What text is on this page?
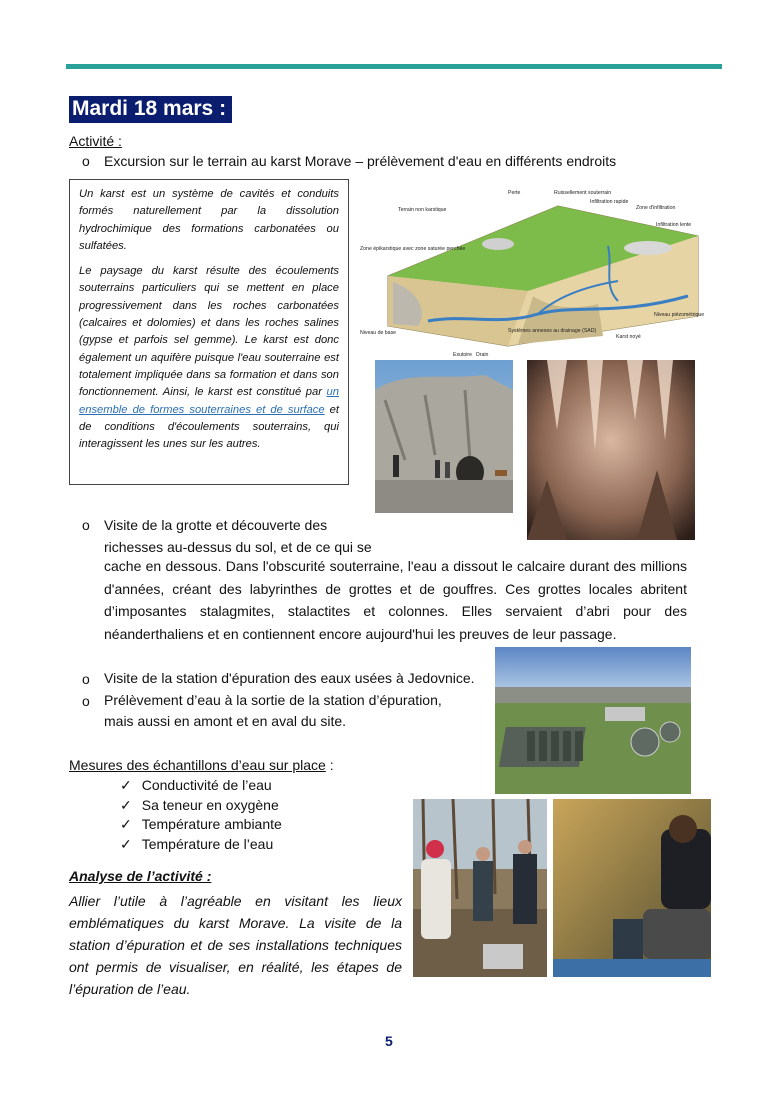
Mardi 18 mars :
Activité :
o Excursion sur le terrain au karst Morave – prélèvement d'eau en différents endroits

Un karst est un système de cavités et conduits formés naturellement par la dissolution hydrochimique des formations carbonatées ou sulfatées.

Le paysage du karst résulte des écoulements souterrains particuliers qui se mettent en place progressivement dans les roches carbonatées (calcaires et dolomies) et dans les roches salines (gypse et parfois sel gemme). Le karst est donc également un aquifère puisque l'eau souterraine est totalement impliquée dans sa formation et dans son fonctionnement. Ainsi, le karst est constitué par un ensemble de formes souterraines et de surface et de conditions d'écoulements souterrains, qui interagissent les unes sur les autres.

Perte	Ruissellement souterrain
Infiltration rapide
Zone d'infiltration
Terrain non karstique
Infiltration lente
Zone épikarstique avec zone saturée perchée
Niveau piézométrique
Niveau de base	Systèmes annexes au drainage (SAD)
Karst noyé
Exutoire Drain
o Visite de la grotte et découverte des
richesses au-dessus du sol, et de ce qui se
cache en dessous. Dans l'obscurité souterraine, l'eau a dissout le calcaire durant des millions d'années, créant des labyrinthes de grottes et de gouffres. Ces grottes locales abritent d’imposantes stalagmites, stalactites et colonnes. Elles servaient d’abri pour des néanderthaliens et en contiennent encore aujourd'hui les preuves de leur passage.
o Visite de la station d'épuration des eaux usées à Jedovnice.
o Prélèvement d’eau à la sortie de la station d’épuration,
mais aussi en amont et en aval du site.
Mesures des échantillons d’eau sur place :
✓ Conductivité de l’eau
✓ Sa teneur en oxygène
✓ Température ambiante
✓ Température de l’eau
Analyse de l’activité :
Allier l’utile à l’agréable en visitant les lieux emblématiques du karst Morave. La visite de la station d’épuration et de ses installations techniques ont permis de visualiser, en réalité, les étapes de l’épuration de l’eau.
5
